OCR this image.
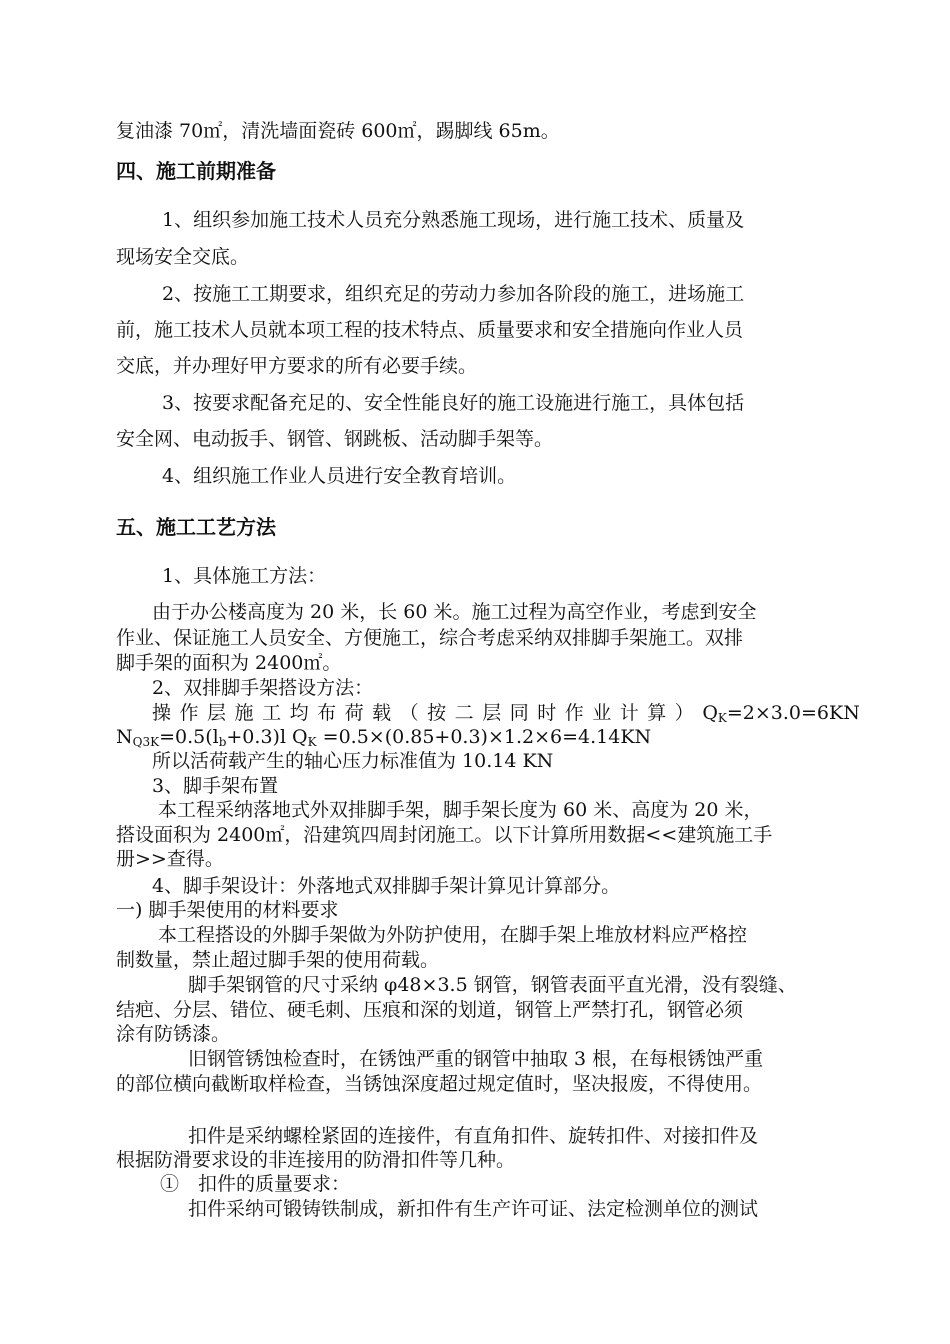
复油漆 70㎡，清洗墙面瓷砖 600㎡，踢脚线 65m。
四、施工前期准备
1、组织参加施工技术人员充分熟悉施工现场，进行施工技术、质量及
现场安全交底。
2、按施工工期要求，组织充足的劳动力参加各阶段的施工，进场施工
前，施工技术人员就本项工程的技术特点、质量要求和安全措施向作业人员
交底，并办理好甲方要求的所有必要手续。
3、按要求配备充足的、安全性能良好的施工设施进行施工，具体包括
安全网、电动扳手、钢管、钢跳板、活动脚手架等。
4、组织施工作业人员进行安全教育培训。
五、施工工艺方法
1、具体施工方法：
由于办公楼高度为 20 米，长 60 米。施工过程为高空作业，考虑到安全
作业、保证施工人员安全、方便施工，综合考虑采纳双排脚手架施工。双排
脚手架的面积为 2400㎡。
2、双排脚手架搭设方法：
操 作 层 施 工 均 布 荷 载 （ 按 二 层 同 时 作 业 计 算 ） $Q_K=2\times 3.0=6KN$
$N_{Q3K}=0.5(l_b+0.3)l$ $Q_K =0.5\times(0.85+0.3)\times 1.2\times 6=4.14KN$
所以活荷载产生的轴心压力标准值为 10.14 KN
3、脚手架布置
本工程采纳落地式外双排脚手架，脚手架长度为 60 米、高度为 20 米，
搭设面积为 2400㎡，沿建筑四周封闭施工。以下计算所用数据<<建筑施工手
册>>查得。
4、脚手架设计：外落地式双排脚手架计算见计算部分。
一) 脚手架使用的材料要求
本工程搭设的外脚手架做为外防护使用，在脚手架上堆放材料应严格控
制数量，禁止超过脚手架的使用荷载。
脚手架钢管的尺寸采纳 φ48×3.5 钢管，钢管表面平直光滑，没有裂缝、
结疤、分层、错位、硬毛刺、压痕和深的划道，钢管上严禁打孔，钢管必须
涂有防锈漆。
旧钢管锈蚀检查时，在锈蚀严重的钢管中抽取 3 根，在每根锈蚀严重
的部位横向截断取样检查，当锈蚀深度超过规定值时，坚决报废，不得使用。
扣件是采纳螺栓紧固的连接件，有直角扣件、旋转扣件、对接扣件及
根据防滑要求设的非连接用的防滑扣件等几种。
①　扣件的质量要求：
扣件采纳可锻铸铁制成，新扣件有生产许可证、法定检测单位的测试
